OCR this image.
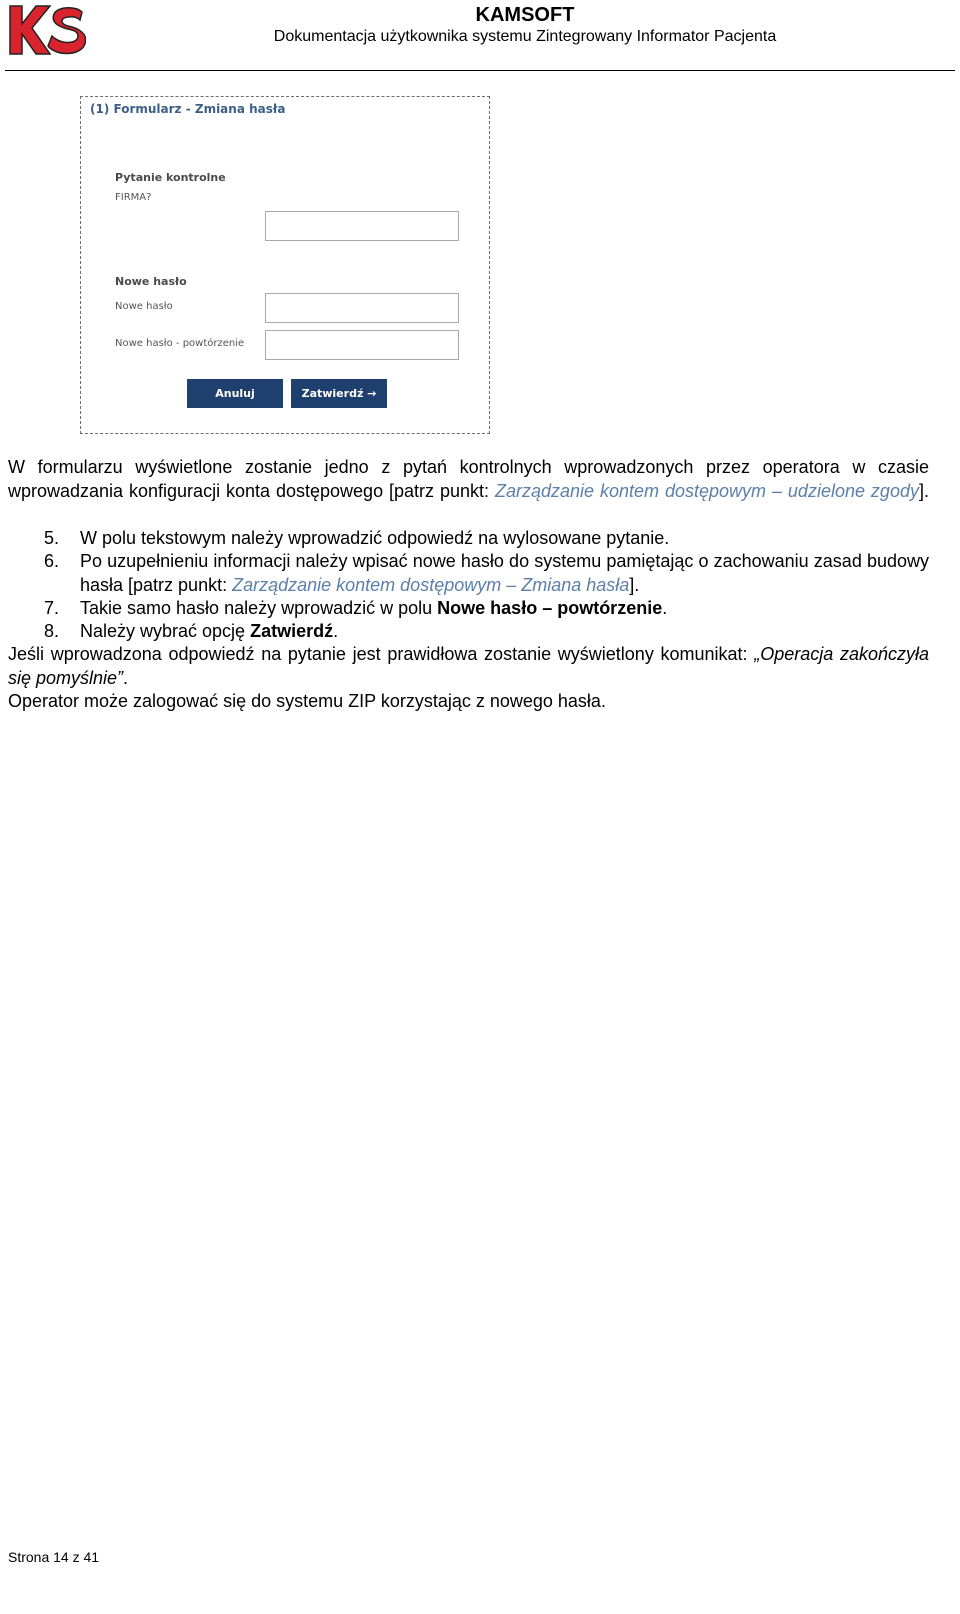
KAMSOFT
Dokumentacja użytkownika systemu Zintegrowany Informator Pacjenta
(1) Formularz - Zmiana hasła
Pytanie kontrolne
FIRMA?
Nowe hasło
Nowe hasło
Nowe hasło - powtórzenie
Anuluj	Zatwierdź →
W formularzu wyświetlone zostanie jedno z pytań kontrolnych wprowadzonych przez operatora w czasie wprowadzania konfiguracji konta dostępowego [patrz punkt: Zarządzanie kontem dostępowym – udzielone zgody].
5.	W polu tekstowym należy wprowadzić odpowiedź na wylosowane pytanie.
6.	Po uzupełnieniu informacji należy wpisać nowe hasło do systemu pamiętając o zachowaniu zasad budowy hasła [patrz punkt: Zarządzanie kontem dostępowym – Zmiana hasła].
7.	Takie samo hasło należy wprowadzić w polu Nowe hasło – powtórzenie.
8.	Należy wybrać opcję Zatwierdź.
Jeśli wprowadzona odpowiedź na pytanie jest prawidłowa zostanie wyświetlony komunikat: „Operacja zakończyła się pomyślnie”.
Operator może zalogować się do systemu ZIP korzystając z nowego hasła.
Strona 14 z 41
